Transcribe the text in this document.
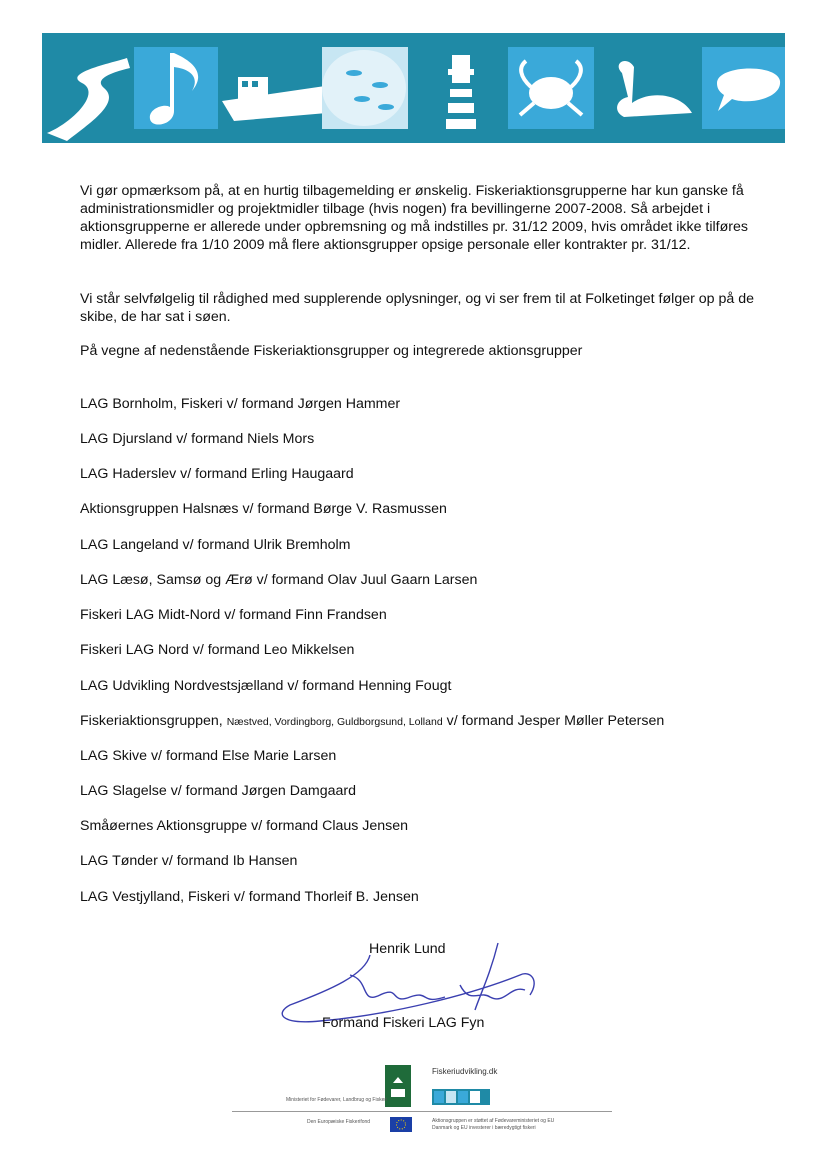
Vi gør opmærksom på, at en hurtig tilbagemelding er ønskelig. Fiskeriaktionsgrupperne har kun ganske få administrationsmidler og projektmidler tilbage (hvis nogen) fra bevillingerne 2007-2008. Så arbejdet i aktionsgrupperne er allerede under opbremsning og må indstilles pr. 31/12 2009, hvis området ikke tilføres midler. Allerede fra 1/10 2009 må flere aktionsgrupper opsige personale eller kontrakter pr. 31/12.

Vi står selvfølgelig til rådighed med supplerende oplysninger, og vi ser frem til at Folketinget følger op på de skibe, de har sat i søen.

På vegne af nedenstående Fiskeriaktionsgrupper og integrerede aktionsgrupper

LAG Bornholm, Fiskeri v/ formand Jørgen Hammer

LAG Djursland v/ formand Niels Mors

LAG Haderslev v/ formand Erling Haugaard

Aktionsgruppen Halsnæs v/ formand Børge V. Rasmussen

LAG Langeland v/ formand Ulrik Bremholm

LAG Læsø, Samsø og Ærø v/ formand Olav Juul Gaarn Larsen

Fiskeri LAG Midt-Nord v/ formand Finn Frandsen

Fiskeri LAG Nord v/ formand Leo Mikkelsen

LAG Udvikling Nordvestsjælland v/ formand Henning Fougt

Fiskeriaktionsgruppen, Næstved, Vordingborg, Guldborgsund, Lolland v/ formand Jesper Møller Petersen

LAG Skive v/ formand Else Marie Larsen

LAG Slagelse v/ formand Jørgen Damgaard

Småøernes Aktionsgruppe v/ formand Claus Jensen

LAG Tønder v/ formand Ib Hansen

LAG Vestjylland, Fiskeri v/ formand Thorleif B. Jensen

Henrik Lund
Formand Fiskeri LAG Fyn
Ministeriet for Fødevarer, Landbrug og Fiskeri
Fiskeriudvikling.dk
Den Europæiske Fiskerifond	Aktionsgruppen er støttet af Fødevareministeriet og EU
Danmark og EU investerer i bæredygtigt fiskeri
